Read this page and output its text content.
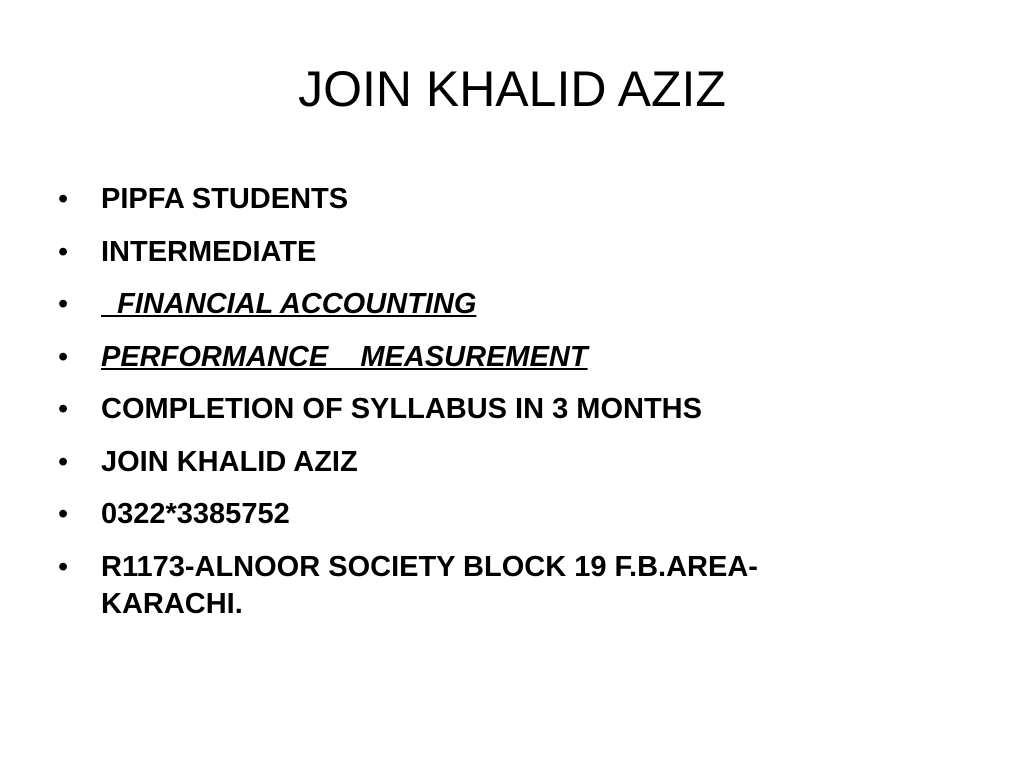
JOIN KHALID AZIZ
• PIPFA STUDENTS
• INTERMEDIATE
• FINANCIAL ACCOUNTING
• PERFORMANCE    MEASUREMENT
• COMPLETION OF SYLLABUS IN 3 MONTHS
• JOIN KHALID AZIZ
• 0322*3385752
• R1173-ALNOOR SOCIETY BLOCK 19 F.B.AREA-KARACHI.
